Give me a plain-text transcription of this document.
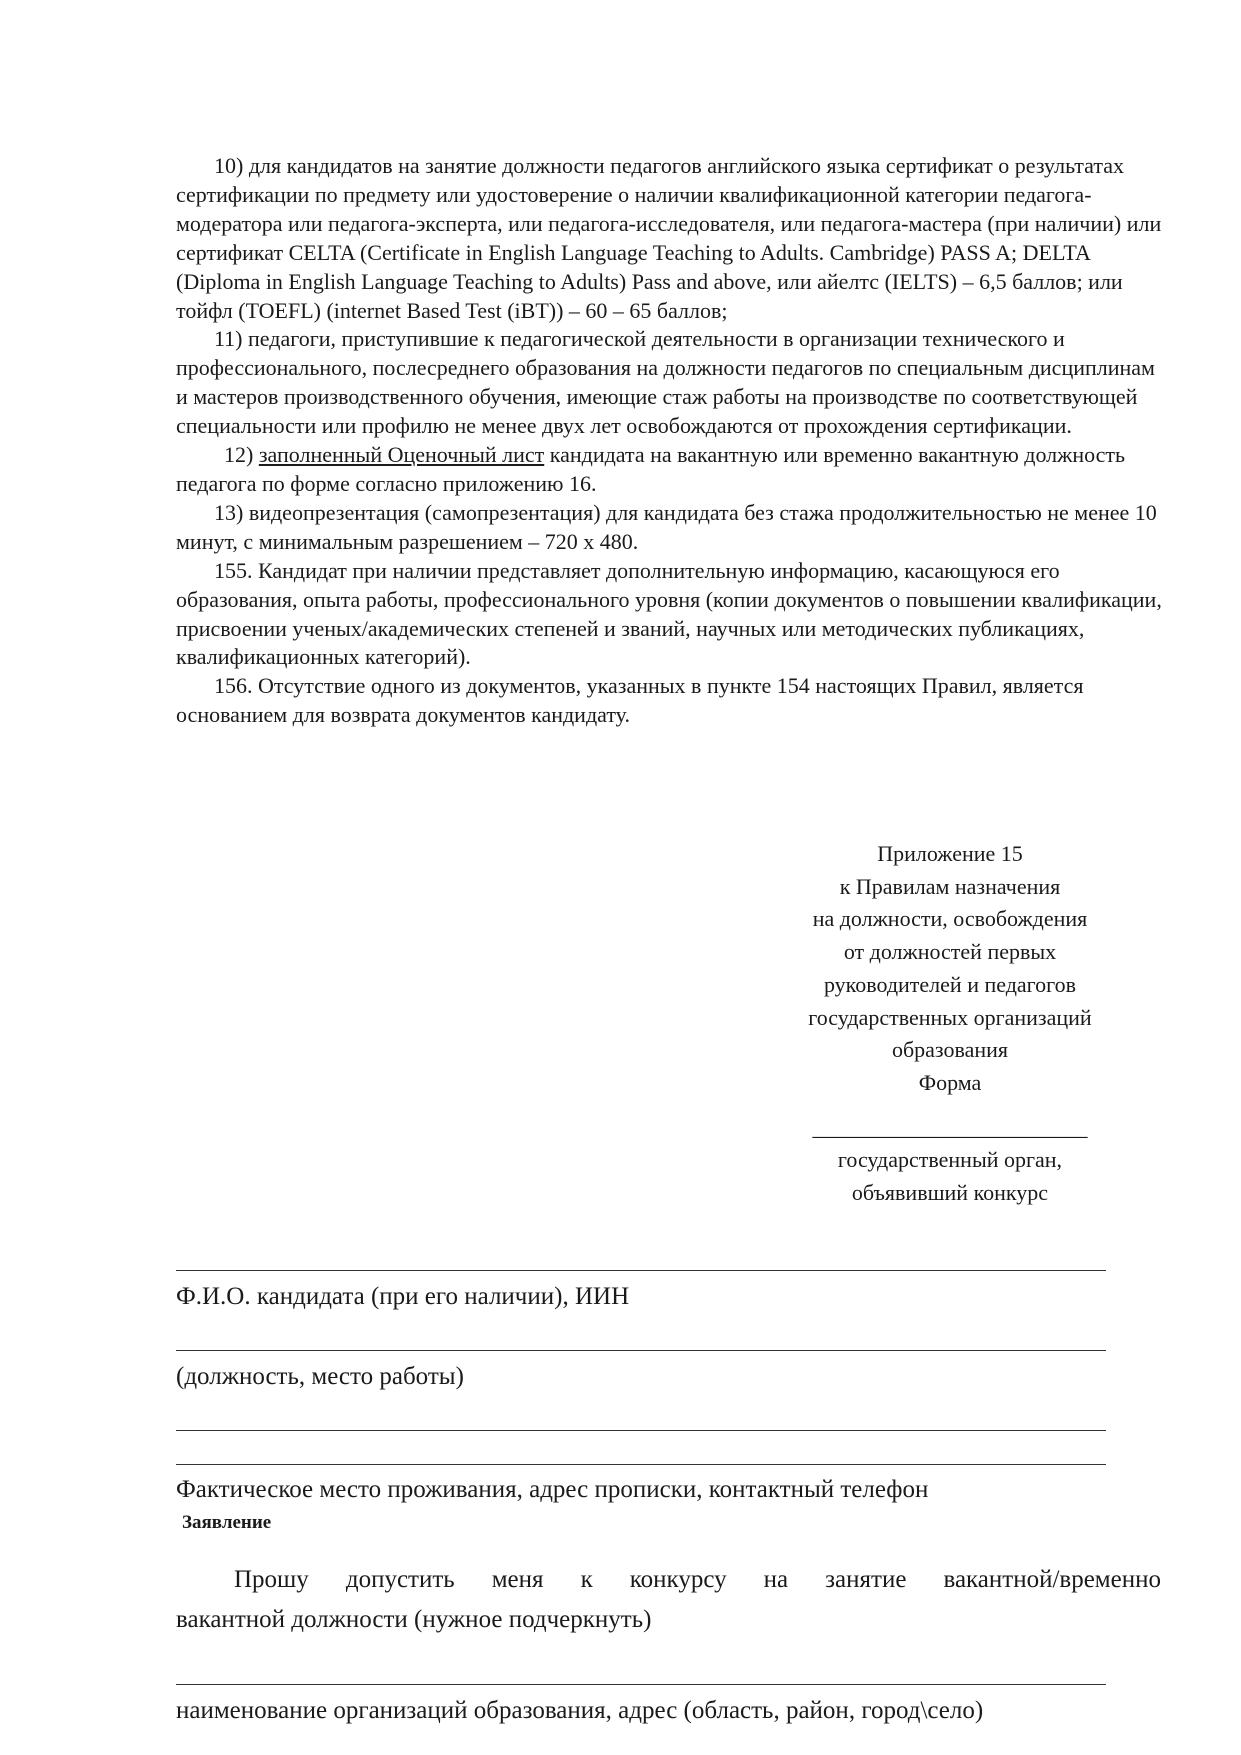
10) для кандидатов на занятие должности педагогов английского языка сертификат о результатах сертификации по предмету или удостоверение о наличии квалификационной категории педагога-модератора или педагога-эксперта, или педагога-исследователя, или педагога-мастера (при наличии) или сертификат CELTA (Certificate in English Language Teaching to Adults. Cambridge) PASS A; DELTA (Diploma in English Language Teaching to Adults) Pass and above, или айелтс (IELTS) – 6,5 баллов; или тойфл (TOEFL) (internet Based Test (iBT)) – 60 – 65 баллов;

11) педагоги, приступившие к педагогической деятельности в организации технического и профессионального, послесреднего образования на должности педагогов по специальным дисциплинам и мастеров производственного обучения, имеющие стаж работы на производстве по соответствующей специальности или профилю не менее двух лет освобождаются от прохождения сертификации.

12) заполненный Оценочный лист кандидата на вакантную или временно вакантную должность педагога по форме согласно приложению 16.

13) видеопрезентация (самопрезентация) для кандидата без стажа продолжительностью не менее 10 минут, с минимальным разрешением – 720 x 480.

155. Кандидат при наличии представляет дополнительную информацию, касающуюся его образования, опыта работы, профессионального уровня (копии документов о повышении квалификации, присвоении ученых/академических степеней и званий, научных или методических публикациях, квалификационных категорий).

156. Отсутствие одного из документов, указанных в пункте 154 настоящих Правил, является основанием для возврата документов кандидату.

Приложение 15
к Правилам назначения
на должности, освобождения
от должностей первых
руководителей и педагогов
государственных организаций
образования
Форма
_________________________
государственный орган,
объявивший конкурс
Ф.И.О. кандидата (при его наличии), ИИН
(должность, место работы)
Фактическое место проживания, адрес прописки, контактный телефон
Заявление
Прошу допустить меня к конкурсу на занятие вакантной/временно
вакантной должности (нужное подчеркнуть)
наименование организаций образования, адрес (область, район, город\село)
